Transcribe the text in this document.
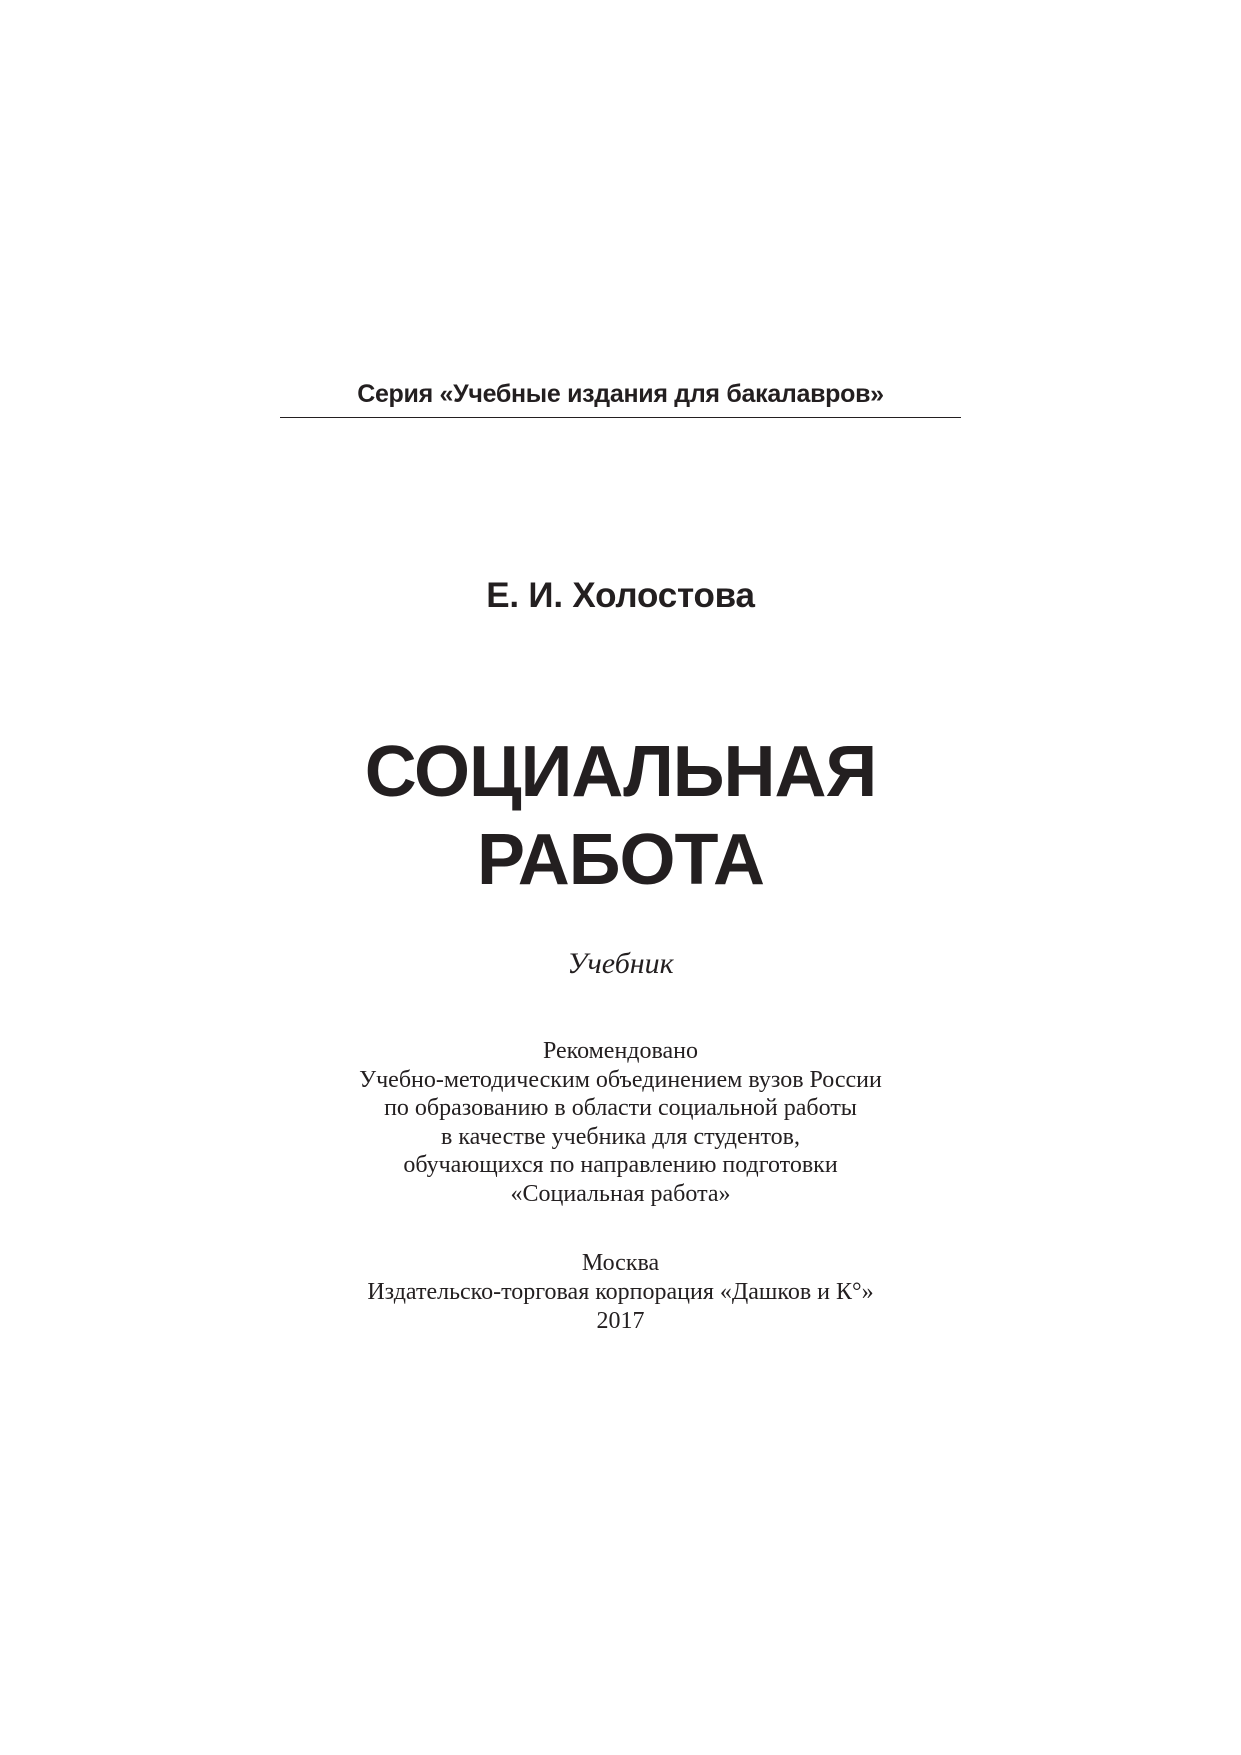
Серия «Учебные издания для бакалавров»
Е. И. Холостова
СОЦИАЛЬНАЯ
РАБОТА
Учебник
Рекомендовано
Учебно-методическим объединением вузов России
по образованию в области социальной работы
в качестве учебника для студентов,
обучающихся по направлению подготовки
«Социальная работа»
Москва
Издательско-торговая корпорация «Дашков и К°»
2017
